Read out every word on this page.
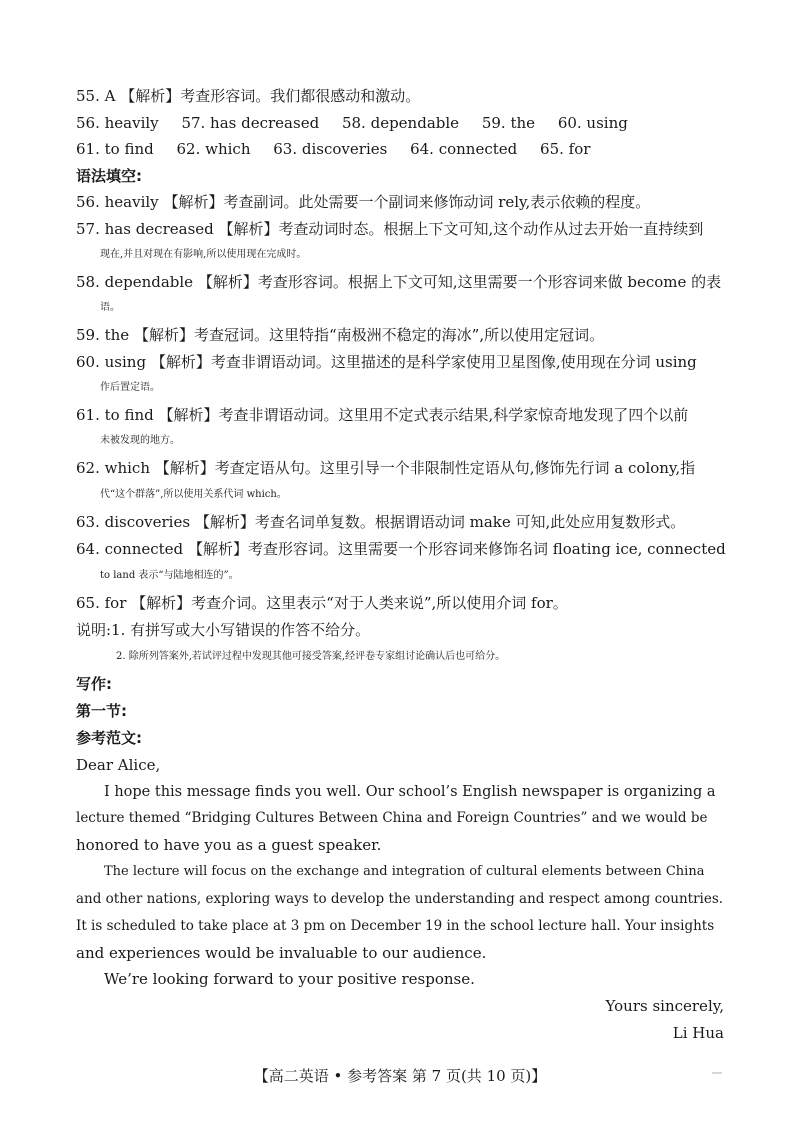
55. A 【解析】考查形容词。我们都很感动和激动。
56. heavily 57. has decreased 58. dependable 59. the 60. using
61. to find 62. which 63. discoveries 64. connected 65. for
语法填空:
56. heavily 【解析】考查副词。此处需要一个副词来修饰动词 rely,表示依赖的程度。
57. has decreased 【解析】考查动词时态。根据上下文可知,这个动作从过去开始一直持续到
现在,并且对现在有影响,所以使用现在完成时。
58. dependable 【解析】考查形容词。根据上下文可知,这里需要一个形容词来做 become 的表
语。
59. the 【解析】考查冠词。这里特指“南极洲不稳定的海冰”,所以使用定冠词。
60. using 【解析】考查非谓语动词。这里描述的是科学家使用卫星图像,使用现在分词 using
作后置定语。
61. to find 【解析】考查非谓语动词。这里用不定式表示结果,科学家惊奇地发现了四个以前
未被发现的地方。
62. which 【解析】考查定语从句。这里引导一个非限制性定语从句,修饰先行词 a colony,指
代“这个群落”,所以使用关系代词 which。
63. discoveries 【解析】考查名词单复数。根据谓语动词 make 可知,此处应用复数形式。
64. connected 【解析】考查形容词。这里需要一个形容词来修饰名词 floating ice, connected
to land 表示“与陆地相连的”。
65. for 【解析】考查介词。这里表示“对于人类来说”,所以使用介词 for。
说明:1. 有拼写或大小写错误的作答不给分。
2. 除所列答案外,若试评过程中发现其他可接受答案,经评卷专家组讨论确认后也可给分。
写作:
第一节:
参考范文:
Dear Alice,
I hope this message finds you well. Our school’s English newspaper is organizing a
lecture themed “Bridging Cultures Between China and Foreign Countries” and we would be
honored to have you as a guest speaker.
The lecture will focus on the exchange and integration of cultural elements between China
and other nations, exploring ways to develop the understanding and respect among countries.
It is scheduled to take place at 3 pm on December 19 in the school lecture hall. Your insights
and experiences would be invaluable to our audience.
We’re looking forward to your positive response.
Yours sincerely,
Li Hua
【高二英语 • 参考答案 第 7 页(共 10 页)】
